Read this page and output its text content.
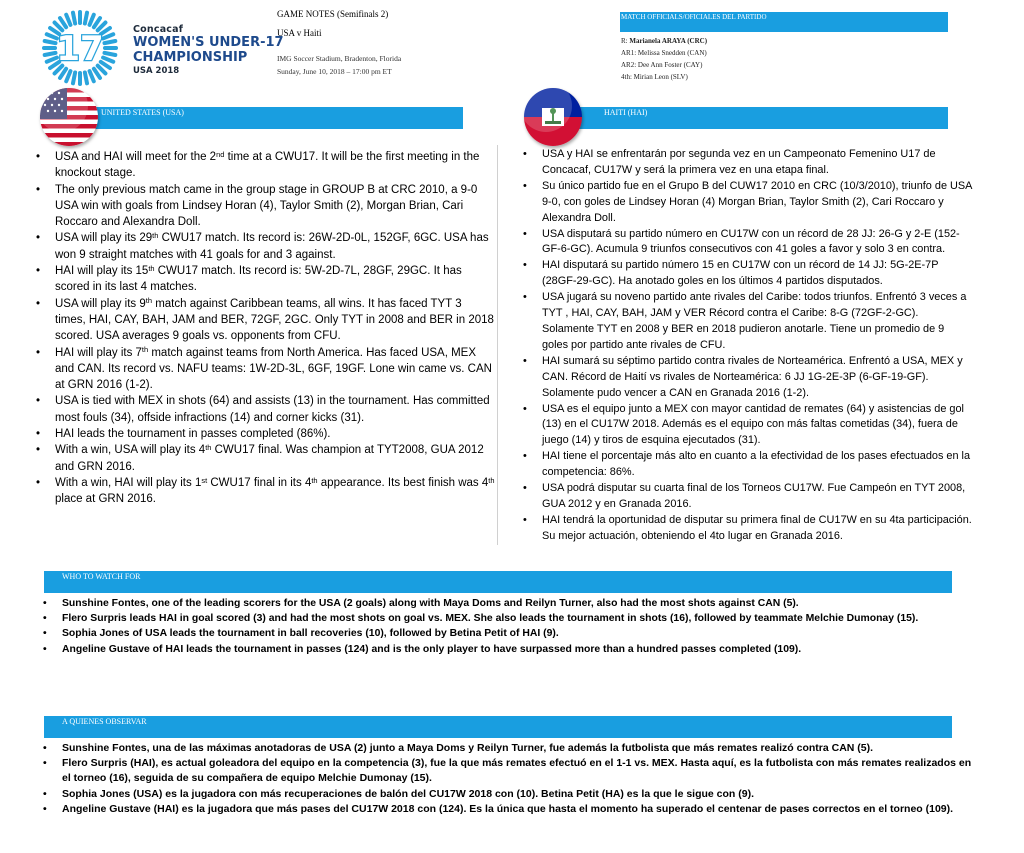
17	Concacaf
WOMEN'S UNDER-17
CHAMPIONSHIP
USA 2018
GAME NOTES (Semifinals 2)
USA v Haiti
IMG Soccer Stadium, Bradenton, Florida
Sunday, June 10, 2018 – 17:00 pm ET
MATCH OFFICIALS/OFICIALES DEL PARTIDO
R: Marianela ARAYA (CRC)
AR1: Melissa Snedden (CAN)
AR2: Dee Ann Foster (CAY)
4th: Mirian Leon (SLV)
UNITED STATES (USA)	HAITI (HAI)
• USA and HAI will meet for the 2nd time at a CWU17. It will be the first meeting in the knockout stage.
• The only previous match came in the group stage in GROUP B at CRC 2010, a 9-0 USA win with goals from Lindsey Horan (4), Taylor Smith (2), Morgan Brian, Cari Roccaro and Alexandra Doll.
• USA will play its 29th CWU17 match. Its record is: 26W-2D-0L, 152GF, 6GC. USA has won 9 straight matches with 41 goals for and 3 against.
• HAI will play its 15th CWU17 match. Its record is: 5W-2D-7L, 28GF, 29GC. It has scored in its last 4 matches.
• USA will play its 9th match against Caribbean teams, all wins. It has faced TYT 3 times, HAI, CAY, BAH, JAM and BER, 72GF, 2GC. Only TYT in 2008 and BER in 2018 scored. USA averages 9 goals vs. opponents from CFU.
• HAI will play its 7th match against teams from North America. Has faced USA, MEX and CAN. Its record vs. NAFU teams: 1W-2D-3L, 6GF, 19GF. Lone win came vs. CAN at GRN 2016 (1-2).
• USA is tied with MEX in shots (64) and assists (13) in the tournament. Has committed most fouls (34), offside infractions (14) and corner kicks (31).
• HAI leads the tournament in passes completed (86%).
• With a win, USA will play its 4th CWU17 final. Was champion at TYT2008, GUA 2012 and GRN 2016.
• With a win, HAI will play its 1st CWU17 final in its 4th appearance. Its best finish was 4th place at GRN 2016.
• USA y HAI se enfrentarán por segunda vez en un Campeonato Femenino U17 de Concacaf, CU17W y será la primera vez en una etapa final.
• Su único partido fue en el Grupo B del CUW17 2010 en CRC (10/3/2010), triunfo de USA 9-0, con goles de Lindsey Horan (4) Morgan Brian, Taylor Smith (2), Cari Roccaro y Alexandra Doll.
• USA disputará su partido número en CU17W con un récord de 28 JJ: 26-G y 2-E (152-GF-6-GC). Acumula 9 triunfos consecutivos con 41 goles a favor y solo 3 en contra.
• HAI disputará su partido número 15 en CU17W con un récord de 14 JJ: 5G-2E-7P (28GF-29-GC). Ha anotado goles en los últimos 4 partidos disputados.
• USA jugará su noveno partido ante rivales del Caribe: todos triunfos. Enfrentó 3 veces a TYT , HAI, CAY, BAH, JAM y VER Récord contra el Caribe: 8-G (72GF-2-GC). Solamente TYT en 2008 y BER en 2018 pudieron anotarle. Tiene un promedio de 9 goles por partido ante rivales de CFU.
• HAI sumará su séptimo partido contra rivales de Norteamérica. Enfrentó a USA, MEX y CAN. Récord de Haití vs rivales de Norteamérica: 6 JJ 1G-2E-3P (6-GF-19-GF). Solamente pudo vencer a CAN en Granada 2016 (1-2).
• USA es el equipo junto a MEX con mayor cantidad de remates (64) y asistencias de gol (13) en el CU17W 2018. Además es el equipo con más faltas cometidas (34), fuera de juego (14) y tiros de esquina ejecutados (31).
• HAI tiene el porcentaje más alto en cuanto a la efectividad de los pases efectuados en la competencia: 86%.
• USA podrá disputar su cuarta final de los Torneos CU17W. Fue Campeón en TYT 2008, GUA 2012 y en Granada 2016.
• HAI tendrá la oportunidad de disputar su primera final de CU17W en su 4ta participación. Su mejor actuación, obteniendo el 4to lugar en Granada 2016.
WHO TO WATCH FOR
• Sunshine Fontes, one of the leading scorers for the USA (2 goals) along with Maya Doms and Reilyn Turner, also had the most shots against CAN (5).
• Flero Surpris leads HAI in goal scored (3) and had the most shots on goal vs. MEX. She also leads the tournament in shots (16), followed by teammate Melchie Dumonay (15).
• Sophia Jones of USA leads the tournament in ball recoveries (10), followed by Betina Petit of HAI (9).
• Angeline Gustave of HAI leads the tournament in passes (124) and is the only player to have surpassed more than a hundred passes completed (109).
A QUIENES OBSERVAR
• Sunshine Fontes, una de las máximas anotadoras de USA (2) junto a Maya Doms y Reilyn Turner, fue además la futbolista que más remates realizó contra CAN (5).
• Flero Surpris (HAI), es actual goleadora del equipo en la competencia (3), fue la que más remates efectuó en el 1-1 vs. MEX. Hasta aquí, es la futbolista con más remates realizados en el torneo (16), seguida de su compañera de equipo Melchie Dumonay (15).
• Sophia Jones (USA) es la jugadora con más recuperaciones de balón del CU17W 2018 con (10). Betina Petit (HA) es la que le sigue con (9).
• Angeline Gustave (HAI) es la jugadora que más pases del CU17W 2018 con (124). Es la única que hasta el momento ha superado el centenar de pases correctos en el torneo (109).
